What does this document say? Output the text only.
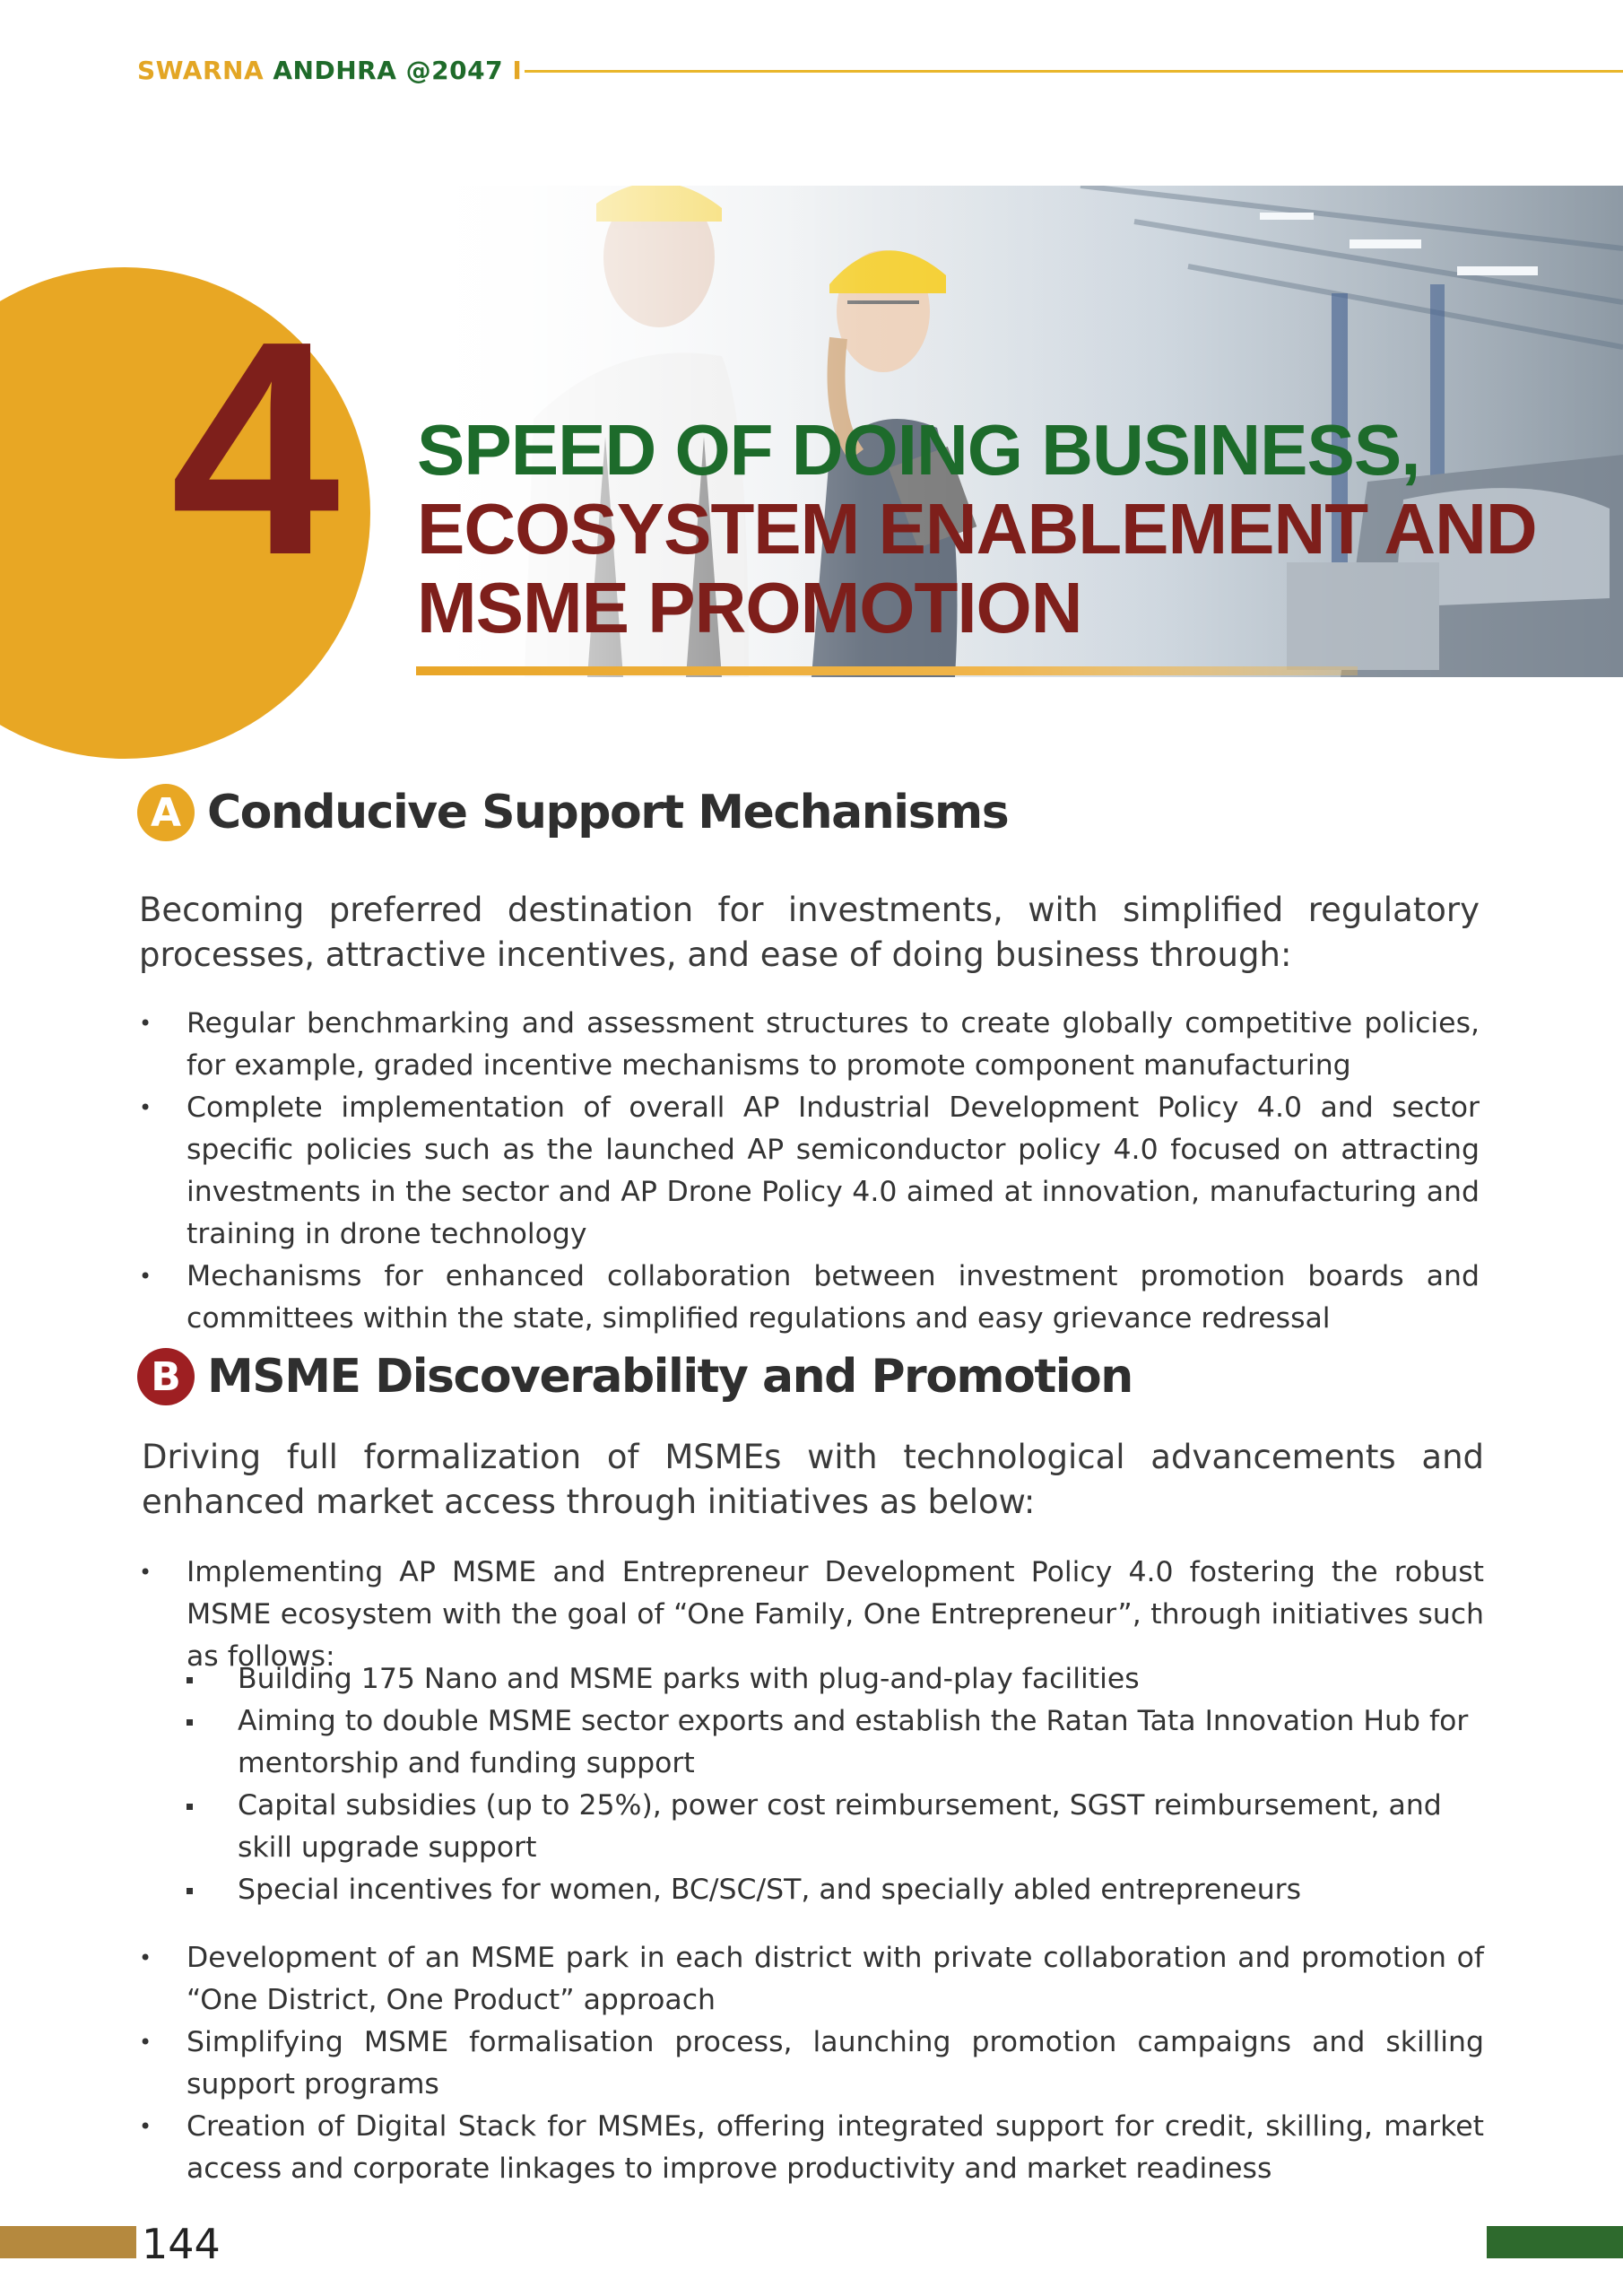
SWARNA ANDHRA @2047 I
4 SPEED OF DOING BUSINESS,
ECOSYSTEM ENABLEMENT AND
MSME PROMOTION
A Conducive Support Mechanisms
Becoming preferred destination for investments, with simplified regulatory processes, attractive incentives, and ease of doing business through:
• Regular benchmarking and assessment structures to create globally competitive policies, for example, graded incentive mechanisms to promote component manufacturing
• Complete implementation of overall AP Industrial Development Policy 4.0 and sector specific policies such as the launched AP semiconductor policy 4.0 focused on attracting investments in the sector and AP Drone Policy 4.0 aimed at innovation, manufacturing and training in drone technology
• Mechanisms for enhanced collaboration between investment promotion boards and committees within the state, simplified regulations and easy grievance redressal
B MSME Discoverability and Promotion
Driving full formalization of MSMEs with technological advancements and enhanced market access through initiatives as below:
• Implementing AP MSME and Entrepreneur Development Policy 4.0 fostering the robust MSME ecosystem with the goal of “One Family, One Entrepreneur”, through initiatives such as follows:
Building 175 Nano and MSME parks with plug-and-play facilities
Aiming to double MSME sector exports and establish the Ratan Tata Innovation Hub for mentorship and funding support
Capital subsidies (up to 25%), power cost reimbursement, SGST reimbursement, and skill upgrade support
Special incentives for women, BC/SC/ST, and specially abled entrepreneurs
• Development of an MSME park in each district with private collaboration and promotion of “One District, One Product” approach
• Simplifying MSME formalisation process, launching promotion campaigns and skilling support programs
• Creation of Digital Stack for MSMEs, offering integrated support for credit, skilling, market access and corporate linkages to improve productivity and market readiness
144
